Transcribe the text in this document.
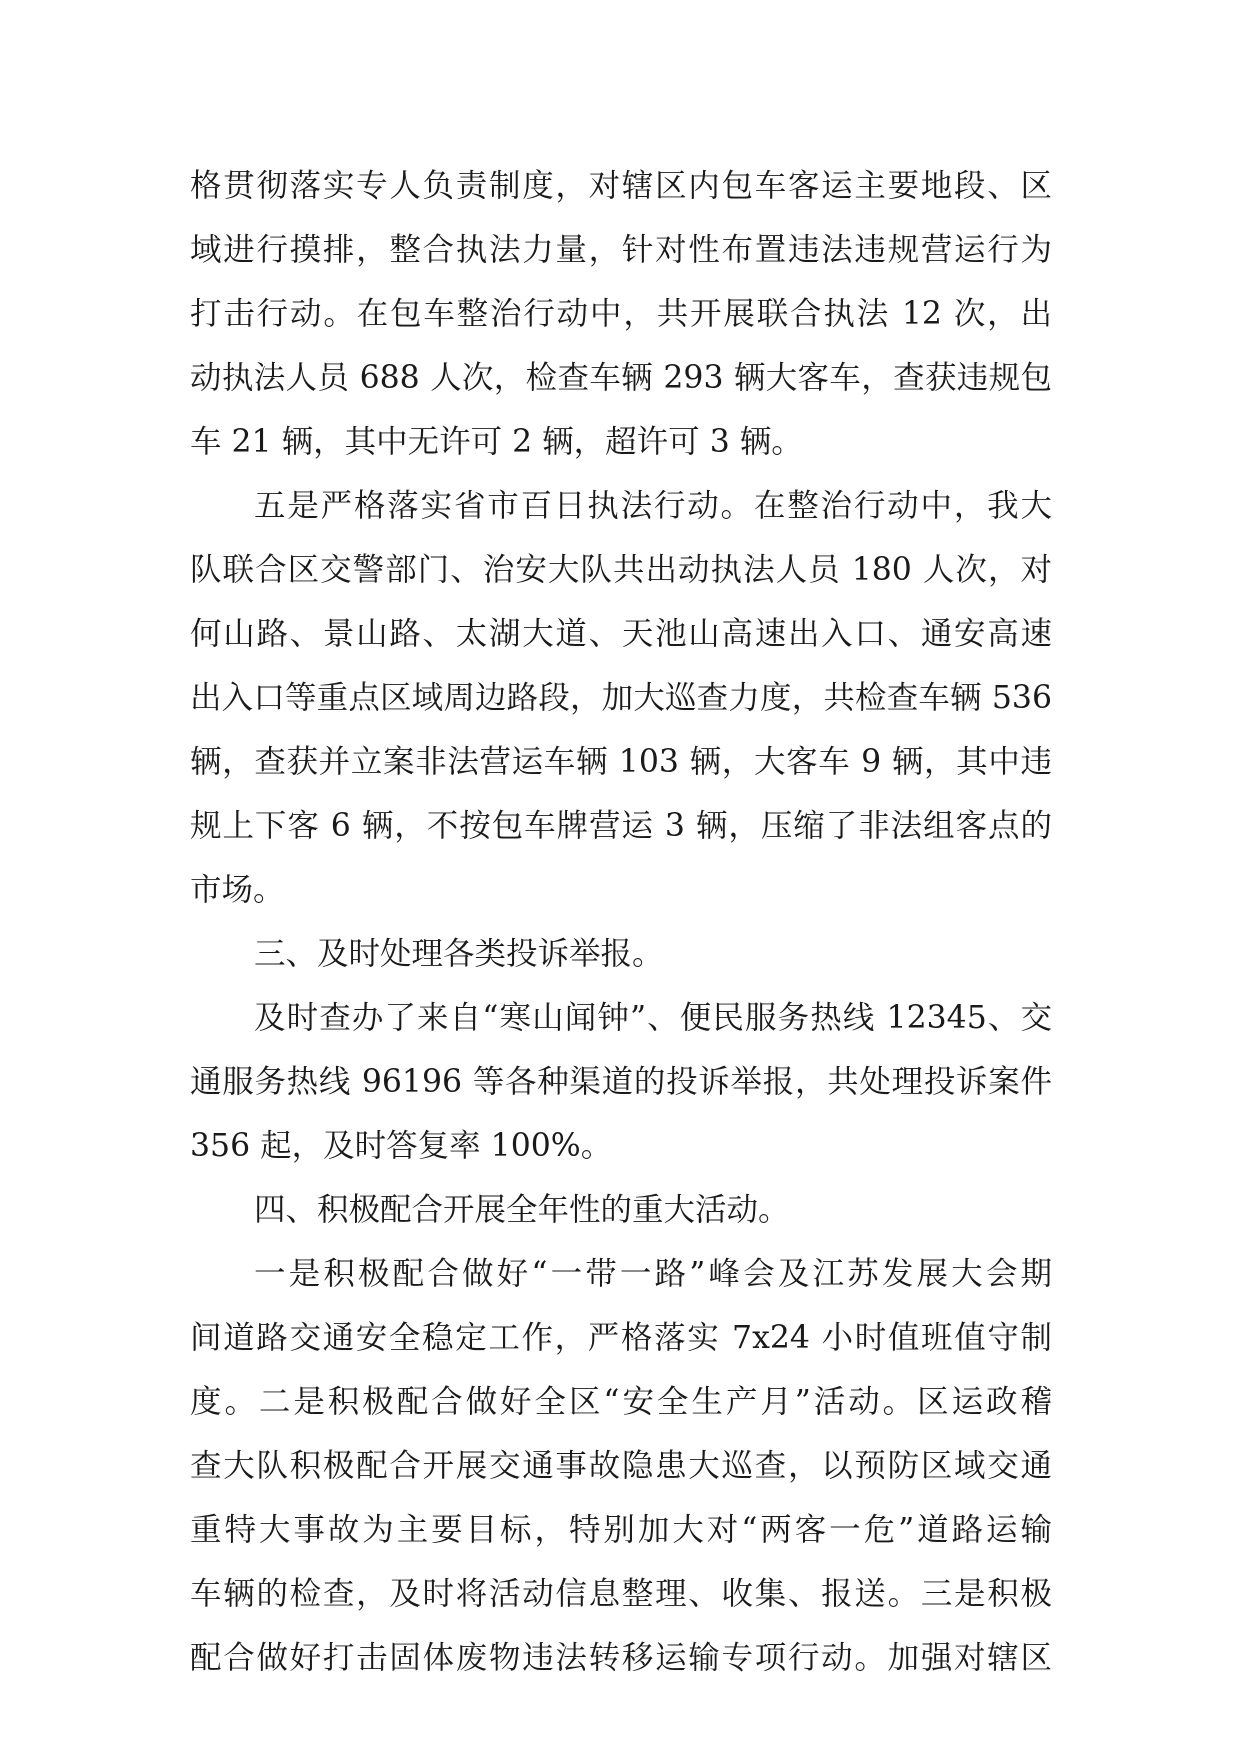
格贯彻落实专人负责制度，对辖区内包车客运主要地段、区
域进行摸排，整合执法力量，针对性布置违法违规营运行为
打击行动。在包车整治行动中，共开展联合执法 12 次，出
动执法人员 688 人次，检查车辆 293 辆大客车，查获违规包
车 21 辆，其中无许可 2 辆，超许可 3 辆。
五是严格落实省市百日执法行动。在整治行动中，我大
队联合区交警部门、治安大队共出动执法人员 180 人次，对
何山路、景山路、太湖大道、天池山高速出入口、通安高速
出入口等重点区域周边路段，加大巡查力度，共检查车辆 536
辆，查获并立案非法营运车辆 103 辆，大客车 9 辆，其中违
规上下客 6 辆，不按包车牌营运 3 辆，压缩了非法组客点的
市场。
三、及时处理各类投诉举报。
及时查办了来自“寒山闻钟”、便民服务热线 12345、交
通服务热线 96196 等各种渠道的投诉举报，共处理投诉案件
356 起，及时答复率 100%。
四、积极配合开展全年性的重大活动。
一是积极配合做好“一带一路”峰会及江苏发展大会期
间道路交通安全稳定工作，严格落实 7x24 小时值班值守制
度。二是积极配合做好全区“安全生产月”活动。区运政稽
查大队积极配合开展交通事故隐患大巡查，以预防区域交通
重特大事故为主要目标，特别加大对“两客一危”道路运输
车辆的检查，及时将活动信息整理、收集、报送。三是积极
配合做好打击固体废物违法转移运输专项行动。加强对辖区
